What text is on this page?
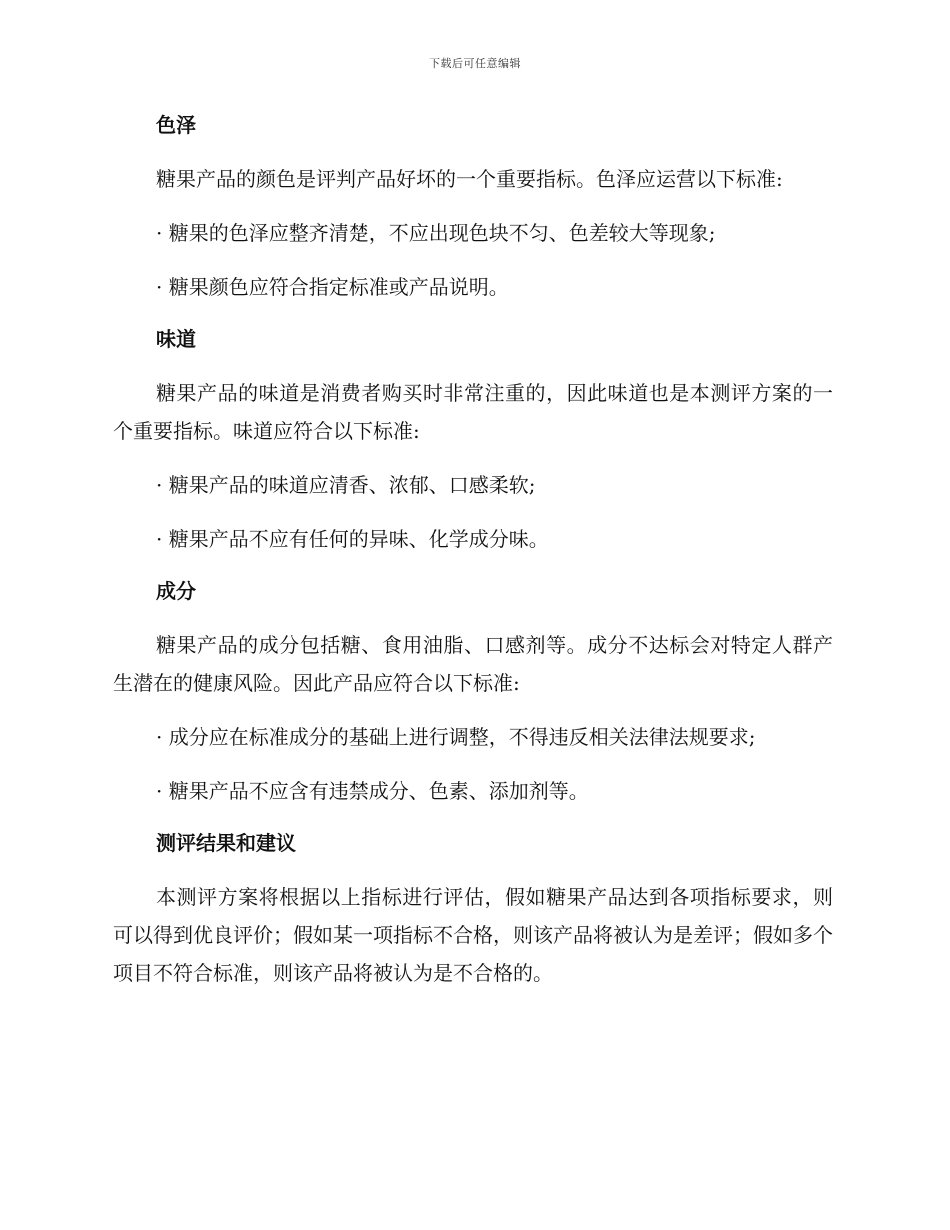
下载后可任意编辑
色泽
糖果产品的颜色是评判产品好坏的一个重要指标。色泽应运营以下标准:
· 糖果的色泽应整齐清楚，不应出现色块不匀、色差较大等现象;
· 糖果颜色应符合指定标准或产品说明。
味道
糖果产品的味道是消费者购买时非常注重的，因此味道也是本测评方案的一个重要指标。味道应符合以下标准:
· 糖果产品的味道应清香、浓郁、口感柔软;
· 糖果产品不应有任何的异味、化学成分味。
成分
糖果产品的成分包括糖、食用油脂、口感剂等。成分不达标会对特定人群产生潜在的健康风险。因此产品应符合以下标准:
· 成分应在标准成分的基础上进行调整，不得违反相关法律法规要求;
· 糖果产品不应含有违禁成分、色素、添加剂等。
测评结果和建议
本测评方案将根据以上指标进行评估，假如糖果产品达到各项指标要求，则可以得到优良评价；假如某一项指标不合格，则该产品将被认为是差评；假如多个项目不符合标准，则该产品将被认为是不合格的。
